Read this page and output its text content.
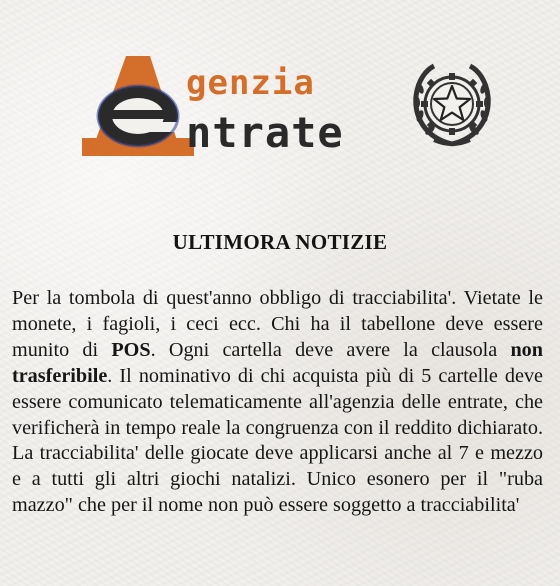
genzia
ntrate
ULTIMORA NOTIZIE

Per la tombola di quest'anno obbligo di tracciabilita'. Vietate le monete, i fagioli, i ceci ecc. Chi ha il tabellone deve essere munito di POS. Ogni cartella deve avere la clausola non trasferibile. Il nominativo di chi acquista più di 5 cartelle deve essere comunicato telematicamente all'agenzia delle entrate, che verificherà in tempo reale la congruenza con il reddito dichiarato. La tracciabilita' delle giocate deve applicarsi anche al 7 e mezzo e a tutti gli altri giochi natalizi. Unico esonero per il "ruba mazzo" che per il nome non può essere soggetto a tracciabilita'
